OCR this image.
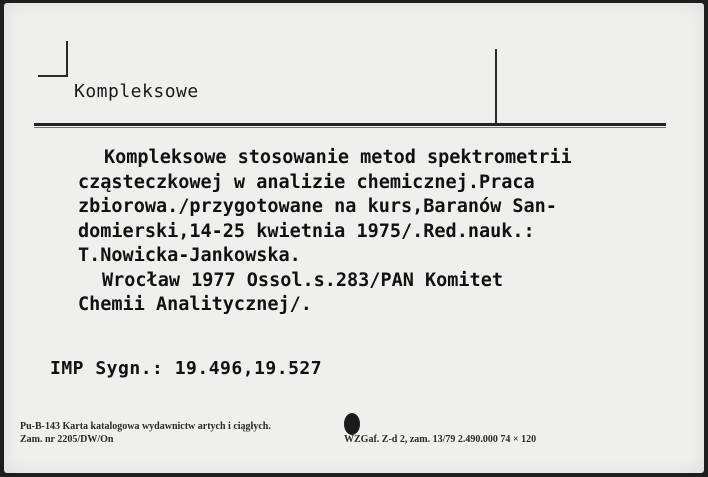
Kompleksowe
Kompleksowe stosowanie metod spektrometrii
cząsteczkowej w analizie chemicznej.Praca
zbiorowa./przygotowane na kurs,Baranów San-
domierski,14-25 kwietnia 1975/.Red.nauk.:
T.Nowicka-Jankowska.
Wrocław 1977 Ossol.s.283/PAN Komitet
Chemii Analitycznej/.
IMP Sygn.: 19.496,19.527
Pu-B-143 Karta katalogowa wydawnictw artych i ciągłych.
Zam. nr 2205/DW/On	WZGaf. Z-d 2, zam. 13/79 2.490.000 74 × 120
